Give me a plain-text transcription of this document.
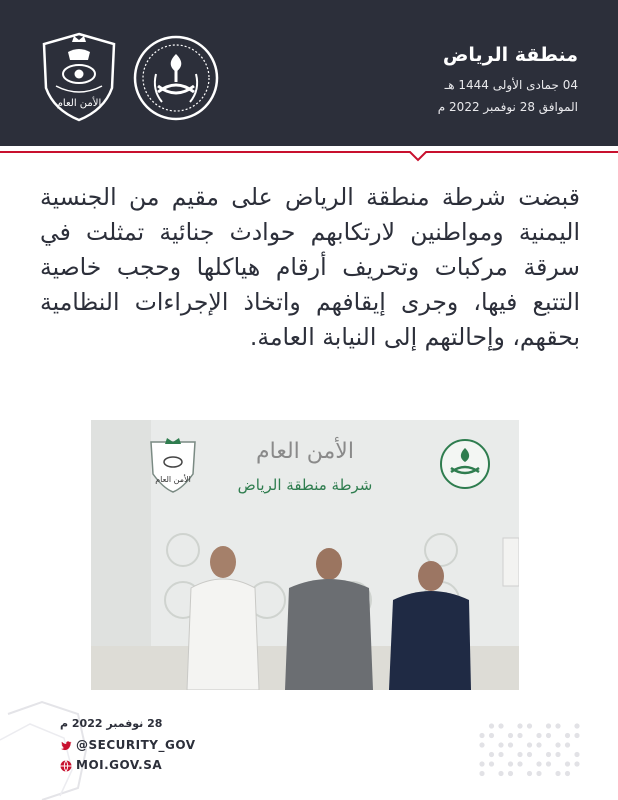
منطقة الرياض
04 جمادى الأولى 1444 هـ
الموافق 28 نوفمبر 2022 م
الأمن العام
قبضت شرطة منطقة الرياض على مقيم من الجنسية اليمنية ومواطنين لارتكابهم حوادث جنائية تمثلت في سرقة مركبات وتحريف أرقام هياكلها وحجب خاصية التتبع فيها، وجرى إيقافهم واتخاذ الإجراءات النظامية بحقهم، وإحالتهم إلى النيابة العامة.
الأمن العام
الأمن العام
شرطة منطقة الرياض
28 نوفمبر 2022 م
@SECURITY_GOV
MOI.GOV.SA
